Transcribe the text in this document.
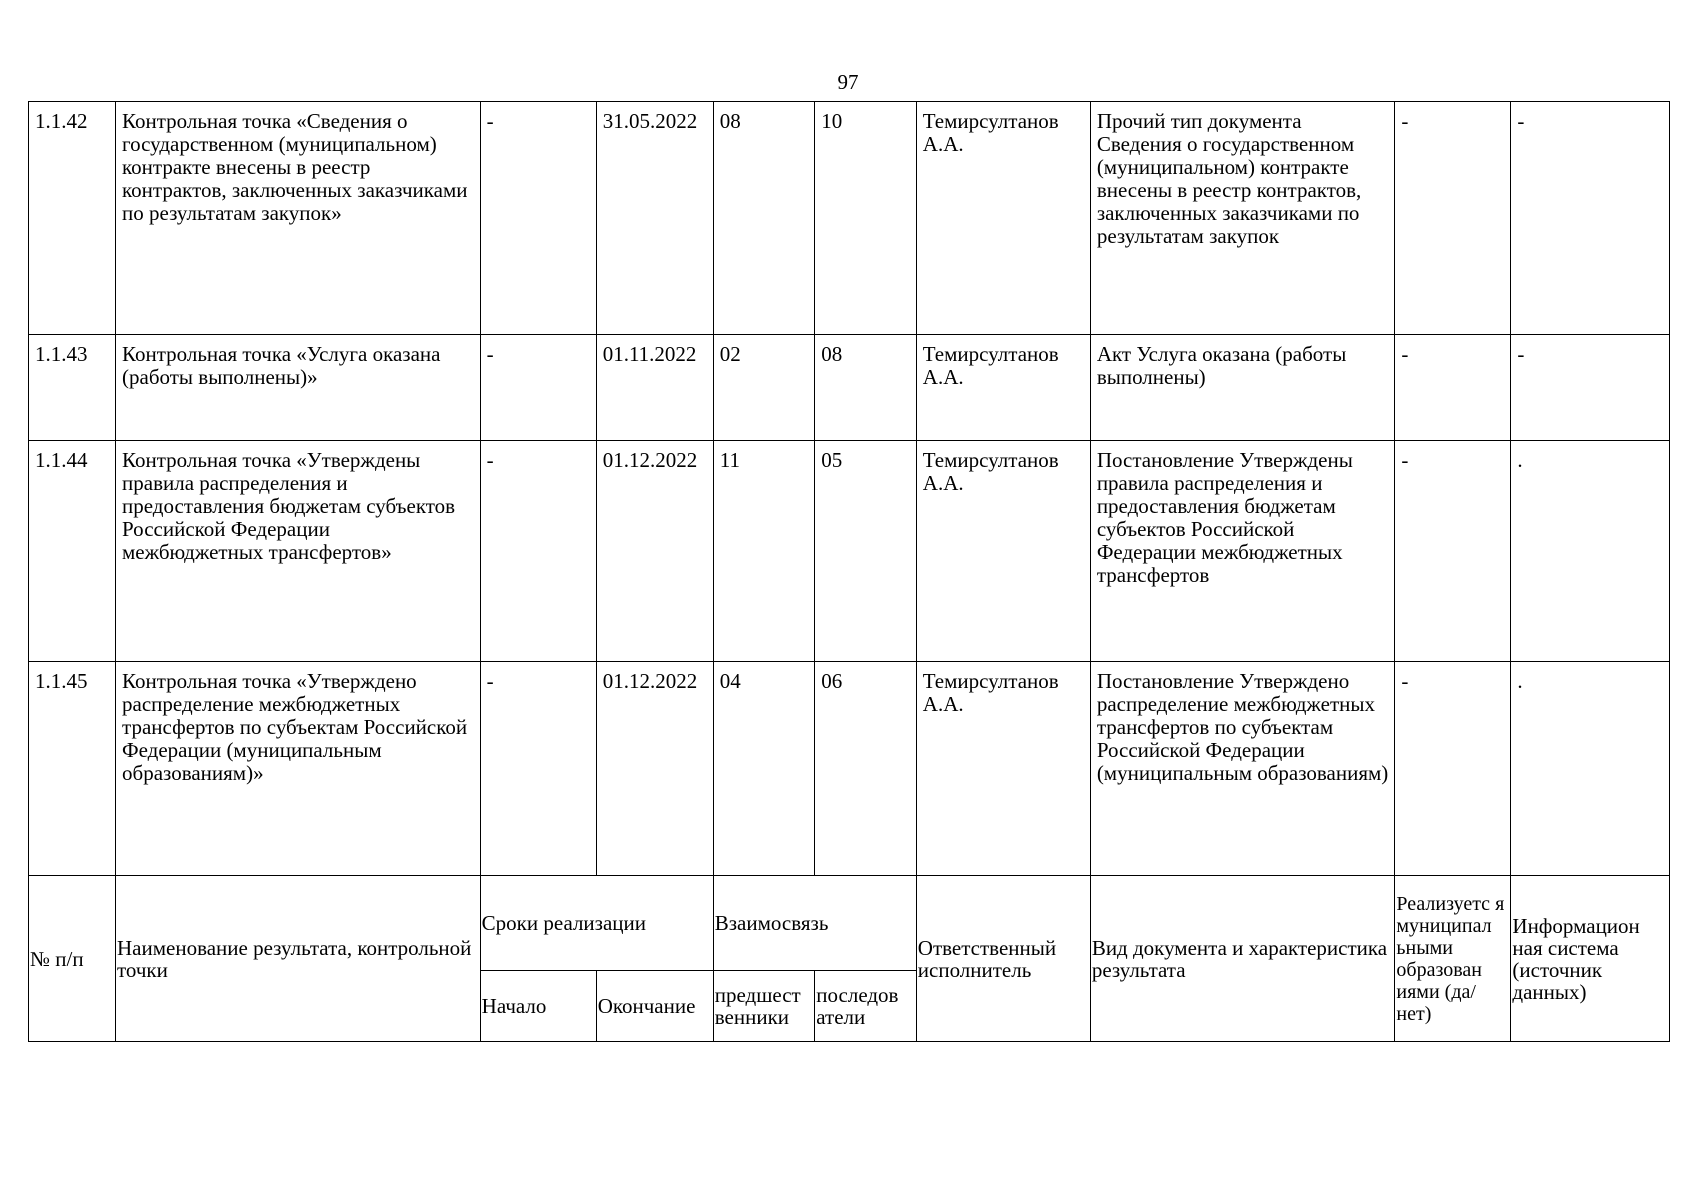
97
1.1.42	Контрольная точка «Сведения о государственном (муниципальном) контракте внесены в реестр контрактов, заключенных заказчиками по результатам закупок»	-	31.05.2022	08	10	Темирсултанов А.А.	Прочий тип документа Сведения о государственном (муниципальном) контракте внесены в реестр контрактов, заключенных заказчиками по результатам закупок	-	-
1.1.43	Контрольная точка «Услуга оказана (работы выполнены)»	-	01.11.2022	02	08	Темирсултанов А.А.	Акт Услуга оказана (работы выполнены)	-	-
1.1.44	Контрольная точка «Утверждены правила распределения и предоставления бюджетам субъектов Российской Федерации межбюджетных трансфертов»	-	01.12.2022	11	05	Темирсултанов А.А.	Постановление Утверждены правила распределения и предоставления бюджетам субъектов Российской Федерации межбюджетных трансфертов	-	.
1.1.45	Контрольная точка «Утверждено распределение межбюджетных трансфертов по субъектам Российской Федерации (муниципальным образованиям)»	-	01.12.2022	04	06	Темирсултанов А.А.	Постановление Утверждено распределение межбюджетных трансфертов по субъектам Российской Федерации (муниципальным образованиям)	-	.
№ п/п	Наименование результата, контрольной точки	Сроки реализации		Взаимосвязь		Ответственный исполнитель	Вид документа и характеристика результата	Реализуетс я муниципал ьными образован иями (да/нет)	Информацион ная система (источник данных)
		Начало	Окончание	предшест венники	последов атели				
